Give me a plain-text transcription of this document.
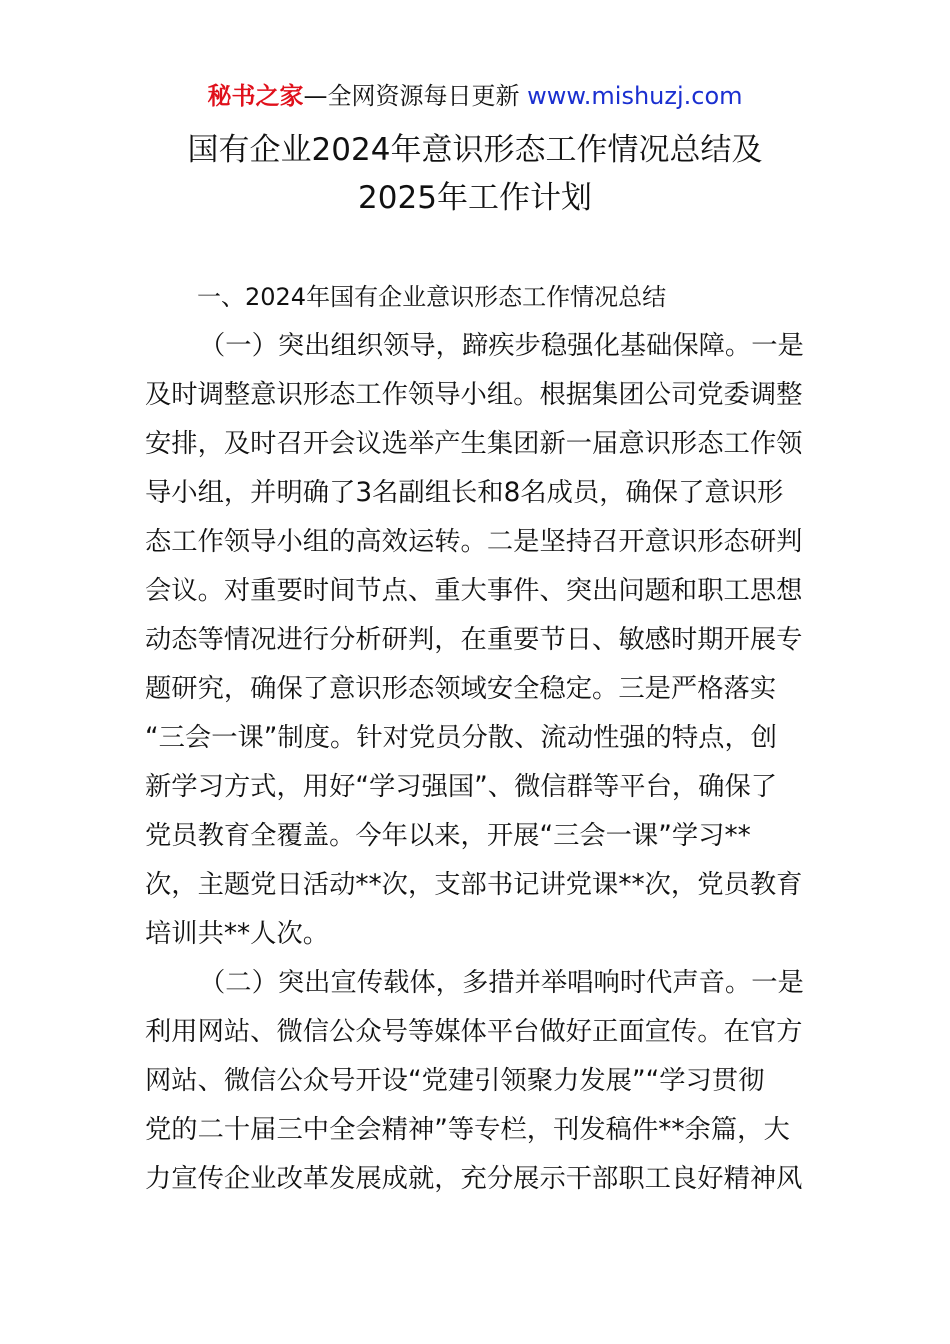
秘书之家—全网资源每日更新 www.mishuzj.com
国有企业2024年意识形态工作情况总结及
2025年工作计划
一、2024年国有企业意识形态工作情况总结
（一）突出组织领导，蹄疾步稳强化基础保障。一是
及时调整意识形态工作领导小组。根据集团公司党委调整
安排，及时召开会议选举产生集团新一届意识形态工作领
导小组，并明确了3名副组长和8名成员，确保了意识形
态工作领导小组的高效运转。二是坚持召开意识形态研判
会议。对重要时间节点、重大事件、突出问题和职工思想
动态等情况进行分析研判，在重要节日、敏感时期开展专
题研究，确保了意识形态领域安全稳定。三是严格落实
“三会一课”制度。针对党员分散、流动性强的特点，创
新学习方式，用好“学习强国”、微信群等平台，确保了
党员教育全覆盖。今年以来，开展“三会一课”学习**
次，主题党日活动**次，支部书记讲党课**次，党员教育
培训共**人次。
（二）突出宣传载体，多措并举唱响时代声音。一是
利用网站、微信公众号等媒体平台做好正面宣传。在官方
网站、微信公众号开设“党建引领聚力发展”“学习贯彻
党的二十届三中全会精神”等专栏，刊发稿件**余篇，大
力宣传企业改革发展成就，充分展示干部职工良好精神风
